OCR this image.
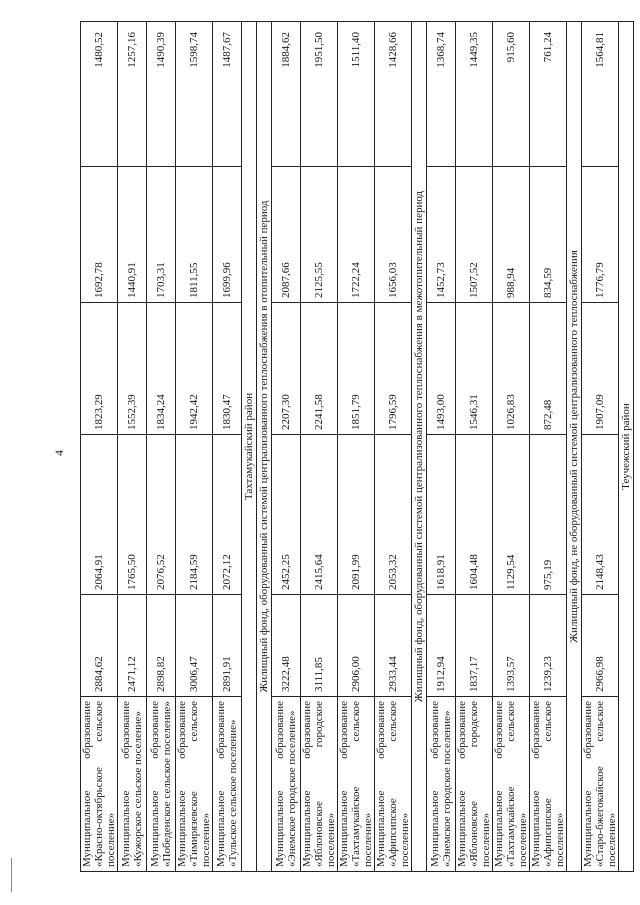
4
Муниципальное образование «Красно-октябрьское сельское поселение»	2884,62	2064,91	1823,29	1692,78	1480,52
Муниципальное образование «Кужорское сельское поселение»	2471,12	1765,50	1552,39	1440,91	1257,16
Муниципальное образование «Победенское сельское поселение»	2898,82	2076,52	1834,24	1703,31	1490,39
Муниципальное образование «Тимирязевское сельское поселение»	3006,47	2184,59	1942,42	1811,55	1598,74
Муниципальное образование «Тульское сельское поселение»	2891,91	2072,12	1830,47	1699,96	1487,67
Тахтамукайский район					
Жилищный фонд, оборудованный системой централизованного теплоснабжения в отопительный период					
Муниципальное образование «Энемское городское поселение»	3222,48	2452,25	2207,30	2087,66	1884,62
Муниципальное образование «Яблоновское городское поселение»	3111,85	2415,64	2241,58	2125,55	1951,50
Муниципальное образование «Тахтамукайское сельское поселение»	2906,00	2091,99	1851,79	1722,24	1511,40
Муниципальное образование «Афипсипское сельское поселение»	2933,44	2053,32	1796,59	1656,03	1428,66
Жилищный фонд, оборудованный системой централизованного теплоснабжения в межотопительный период					
Муниципальное образование «Энемское городское поселение»	1912,94	1618,91	1493,00	1452,73	1368,74
Муниципальное образование «Яблоновское городское поселение»	1837,17	1604,48	1546,31	1507,52	1449,35
Муниципальное образование «Тахтамукайское сельское поселение»	1393,57	1129,54	1026,83	988,94	915,60
Муниципальное образование «Афипсипское сельское поселение»	1239,23	975,19	872,48	834,59	761,24
Жилищный фонд, не оборудованный системой централизованного теплоснабжения					
Муниципальное образование «Старо-бжегокайское сельское поселение»	2966,98	2148,43	1907,09	1776,79	1564,81
Теучежский район					
